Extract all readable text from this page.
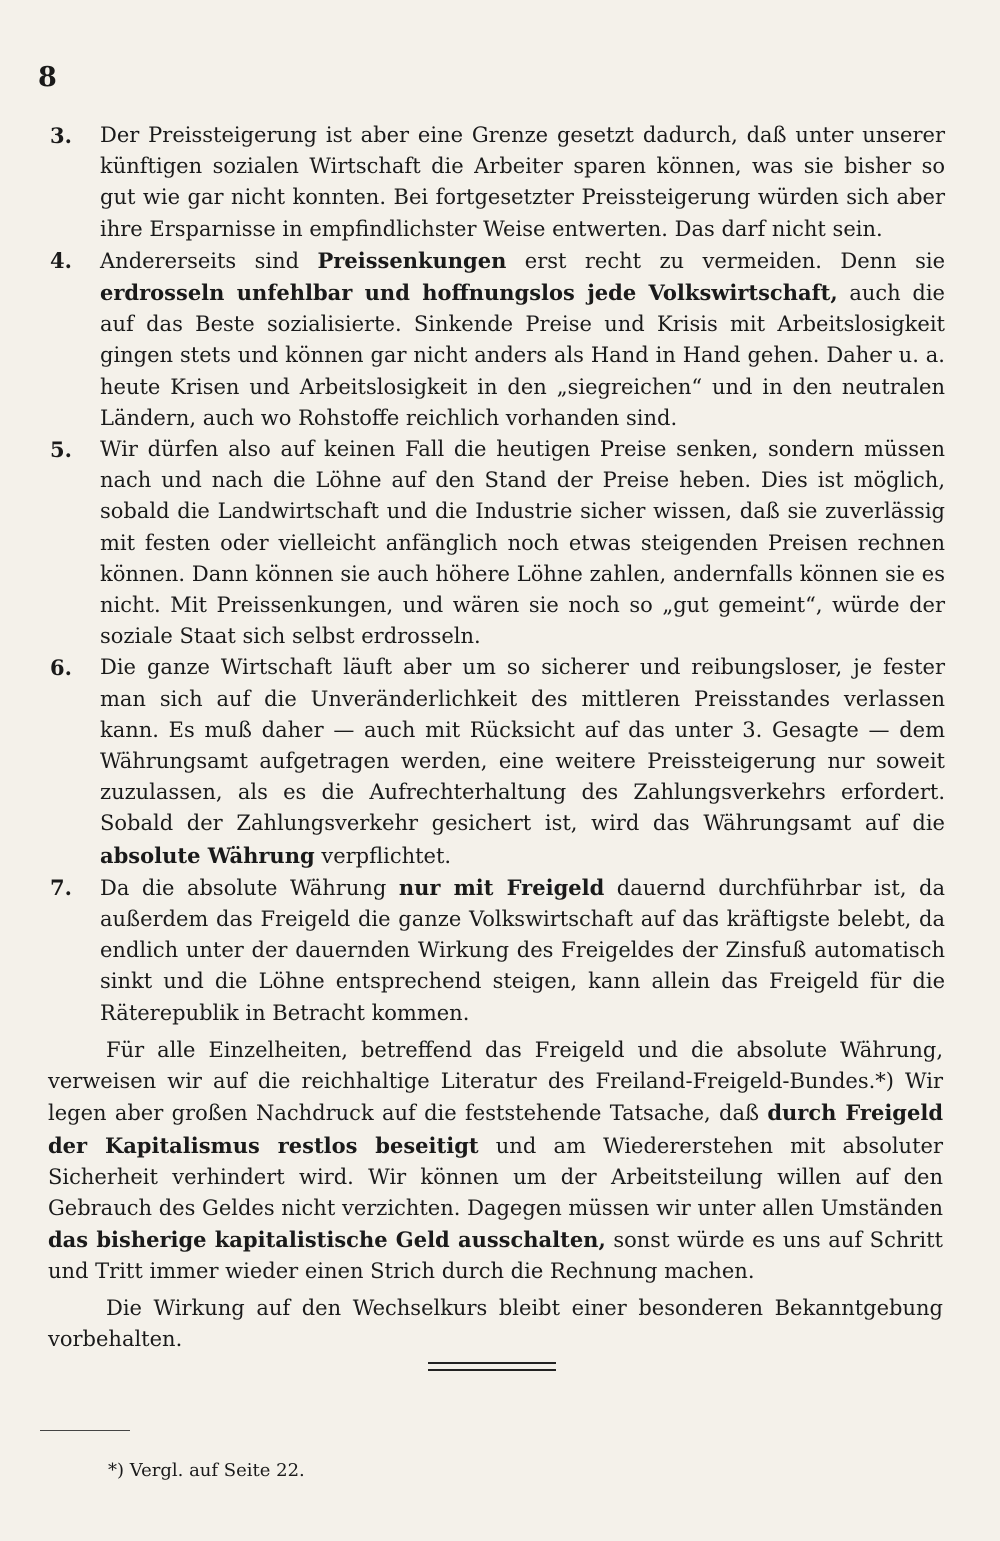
8
3.	Der Preissteigerung ist aber eine Grenze gesetzt dadurch, daß unter unserer künftigen sozialen Wirtschaft die Arbeiter sparen können, was sie bisher so gut wie gar nicht konnten. Bei fortgesetzter Preissteigerung würden sich aber ihre Ersparnisse in empfindlichster Weise entwerten. Das darf nicht sein.
4.	Andererseits sind Preissenkungen erst recht zu vermeiden. Denn sie erdrosseln unfehlbar und hoffnungslos jede Volkswirtschaft, auch die auf das Beste sozialisierte. Sinkende Preise und Krisis mit Arbeitslosigkeit gingen stets und können gar nicht anders als Hand in Hand gehen. Daher u. a. heute Krisen und Arbeitslosigkeit in den „siegreichen“ und in den neutralen Ländern, auch wo Rohstoffe reichlich vorhanden sind.
5.	Wir dürfen also auf keinen Fall die heutigen Preise senken, sondern müssen nach und nach die Löhne auf den Stand der Preise heben. Dies ist möglich, sobald die Landwirtschaft und die Industrie sicher wissen, daß sie zuverlässig mit festen oder vielleicht anfänglich noch etwas steigenden Preisen rechnen können. Dann können sie auch höhere Löhne zahlen, andernfalls können sie es nicht. Mit Preissenkungen, und wären sie noch so „gut gemeint“, würde der soziale Staat sich selbst erdrosseln.
6.	Die ganze Wirtschaft läuft aber um so sicherer und reibungsloser, je fester man sich auf die Unveränderlichkeit des mittleren Preisstandes verlassen kann. Es muß daher — auch mit Rücksicht auf das unter 3. Gesagte — dem Währungsamt aufgetragen werden, eine weitere Preissteigerung nur soweit zuzulassen, als es die Aufrechterhaltung des Zahlungsverkehrs erfordert. Sobald der Zahlungsverkehr gesichert ist, wird das Währungsamt auf die absolute Währung verpflichtet.
7.	Da die absolute Währung nur mit Freigeld dauernd durchführbar ist, da außerdem das Freigeld die ganze Volkswirtschaft auf das kräftigste belebt, da endlich unter der dauernden Wirkung des Freigeldes der Zinsfuß automatisch sinkt und die Löhne entsprechend steigen, kann allein das Freigeld für die Räterepublik in Betracht kommen.

Für alle Einzelheiten, betreffend das Freigeld und die absolute Währung, verweisen wir auf die reichhaltige Literatur des Freiland-Freigeld-Bundes.*) Wir legen aber großen Nachdruck auf die feststehende Tatsache, daß durch Freigeld der Kapitalismus restlos beseitigt und am Wiedererstehen mit absoluter Sicherheit verhindert wird. Wir können um der Arbeitsteilung willen auf den Gebrauch des Geldes nicht verzichten. Dagegen müssen wir unter allen Umständen das bisherige kapitalistische Geld ausschalten, sonst würde es uns auf Schritt und Tritt immer wieder einen Strich durch die Rechnung machen.

Die Wirkung auf den Wechselkurs bleibt einer besonderen Bekanntgebung vorbehalten.

*) Vergl. auf Seite 22.
